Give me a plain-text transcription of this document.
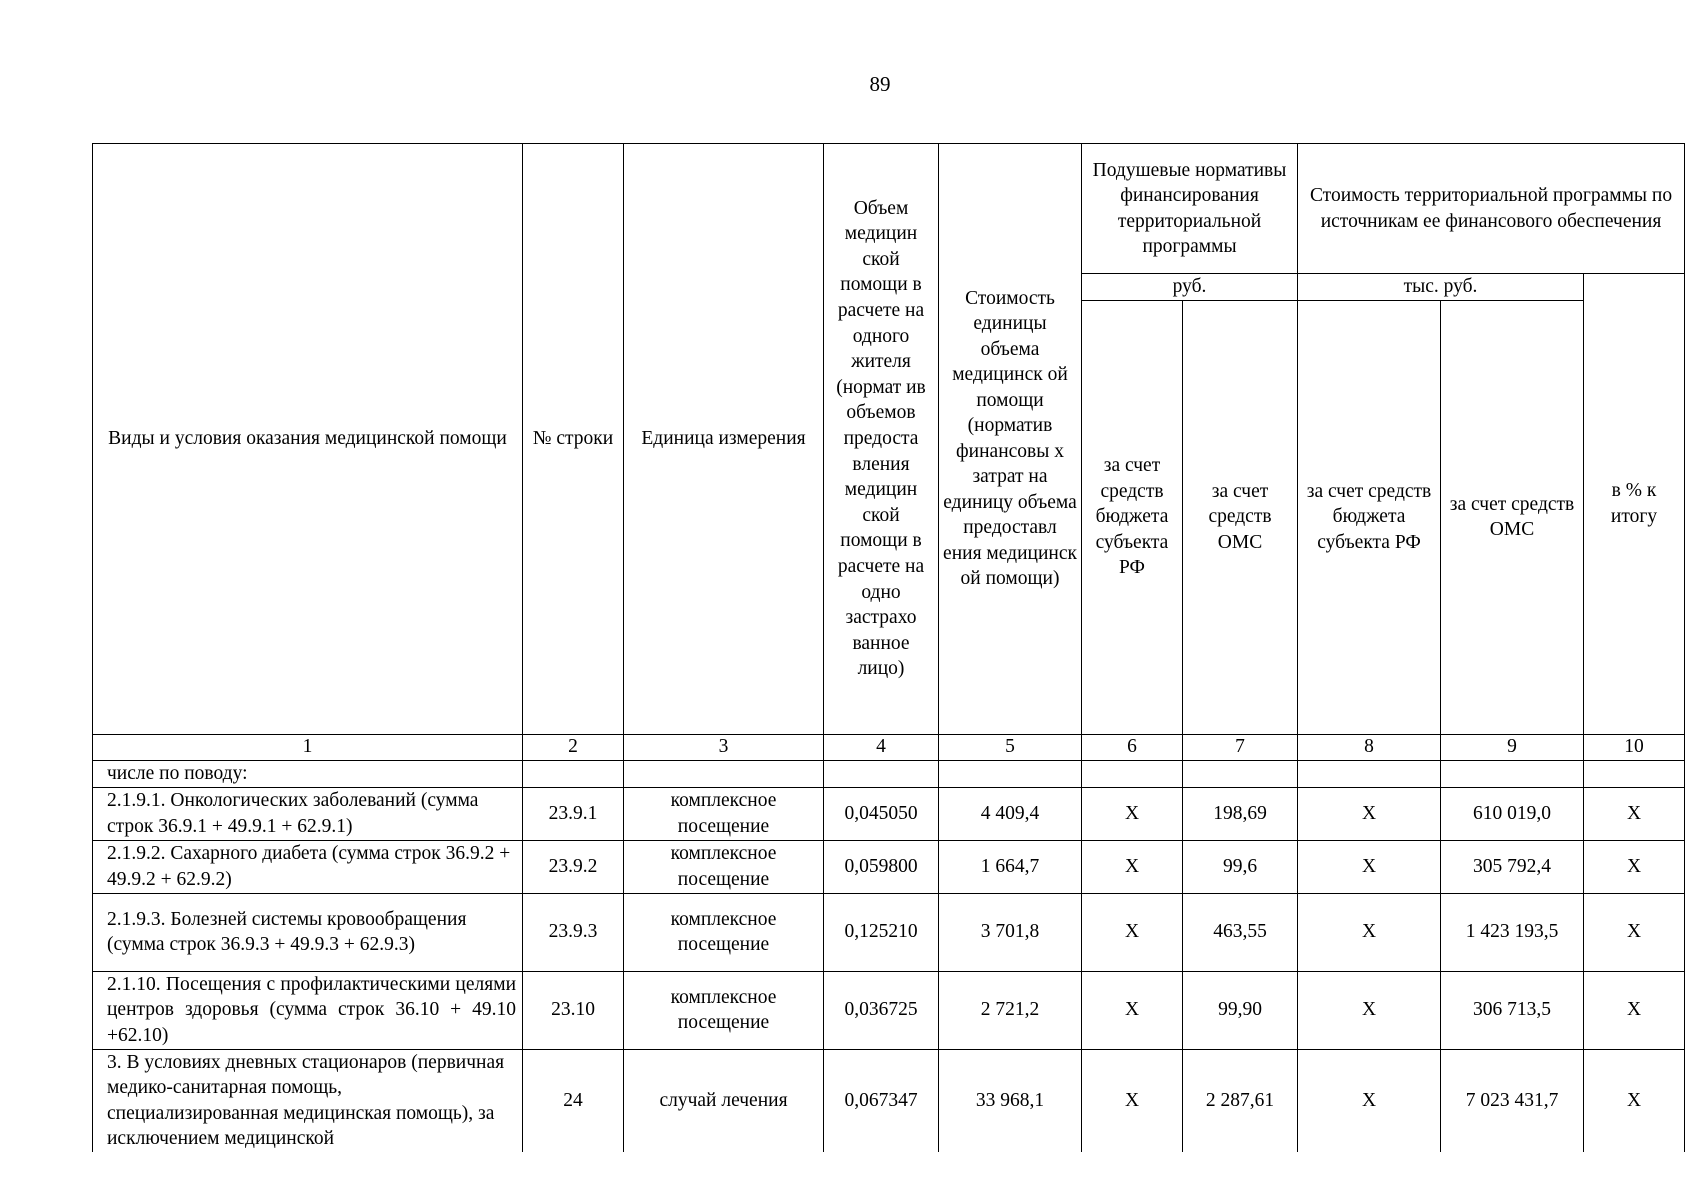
89
Виды и условия оказания медицинской помощи	№ строки	Единица измерения	Объем медицин ской помощи в расчете на одного жителя (нормат ив объемов предоста вления медицин ской помощи в расчете на одно застрахо ванное лицо)	Стоимость единицы объема медицинск ой помощи (норматив финансовы х затрат на единицу объема предоставл ения медицинск ой помощи)	Подушевые нормативы финансирования территориальной программы		Стоимость территориальной программы по источникам ее финансового обеспечения		
					руб.		тыс. руб.		в % к итогу
					за счет средств бюджета субъекта РФ	за счет средств ОМС	за счет средств бюджета субъекта РФ	за счет средств ОМС	
1	2	3	4	5	6	7	8	9	10
числе по поводу:									
2.1.9.1. Онкологических заболеваний (сумма строк 36.9.1 + 49.9.1 + 62.9.1)	23.9.1	комплексное посещение	0,045050	4 409,4	X	198,69	X	610 019,0	X
2.1.9.2. Сахарного диабета (сумма строк 36.9.2 + 49.9.2 + 62.9.2)	23.9.2	комплексное посещение	0,059800	1 664,7	X	99,6	X	305 792,4	X
2.1.9.3. Болезней системы кровообращения (сумма строк 36.9.3 + 49.9.3 + 62.9.3)	23.9.3	комплексное посещение	0,125210	3 701,8	X	463,55	X	1 423 193,5	X
2.1.10. Посещения с профилактическими целями центров здоровья (сумма строк 36.10 + 49.10 +62.10)	23.10	комплексное посещение	0,036725	2 721,2	X	99,90	X	306 713,5	X
3. В условиях дневных стационаров (первичная медико-санитарная помощь, специализированная медицинская помощь), за исключением медицинской	24	случай лечения	0,067347	33 968,1	X	2 287,61	X	7 023 431,7	X
